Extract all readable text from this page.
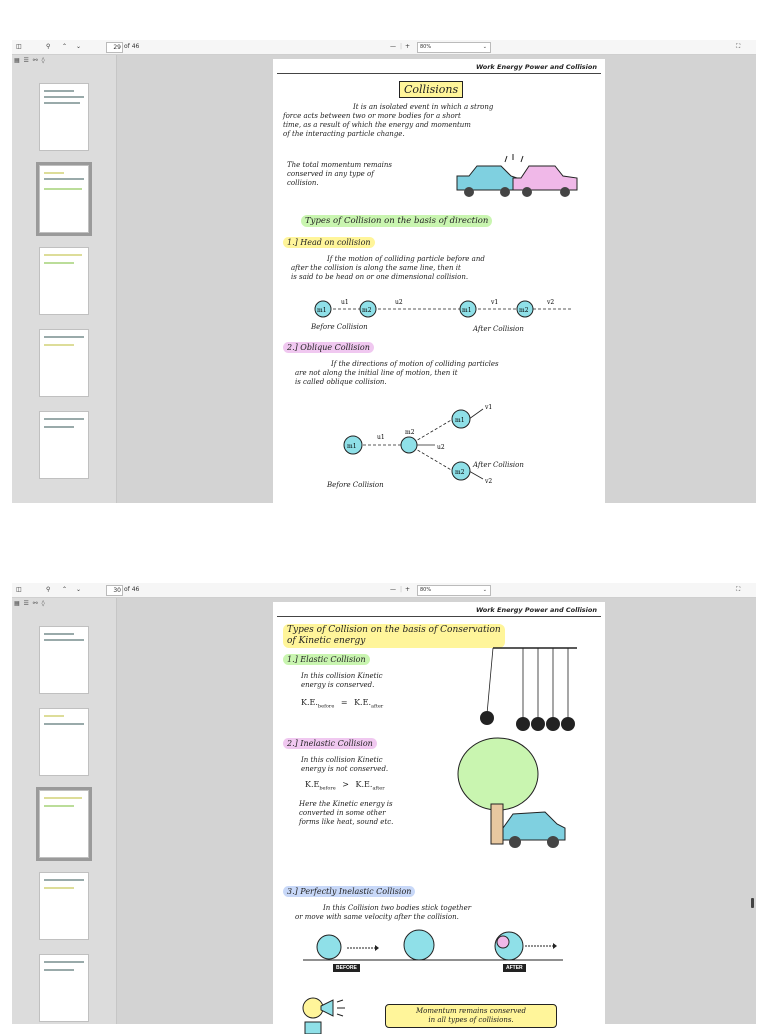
◫	⚲ ⌃ ⌄	29 of 46	— | +	80%	⌄	⛶
▦ ☰ ⚯ ◊
Work Energy Power and Collision
Collisions
It is an isolated event in which a strong
force acts between two or more bodies for a short
time, as a result of which the energy and momentum
of the interacting particle change.
The total momentum remains
conserved in any type of
collision.
Types of Collision on the basis of direction
1.] Head on collision
If the motion of colliding particle before and
after the collision is along the same line, then it
is said to be head on or one dimensional collision.
m1	m2	m1	m2
u1	u2	v1	v2
Before Collision	After Collision
2.] Oblique Collision
If the directions of motion of colliding particles
are not along the initial line of motion, then it
is called oblique collision.
m1
m2
m1
m2
u1
u2
v1
v2
Before Collision
After Collision
◫	⚲ ⌃ ⌄	30 of 46	— | +	80%	⌄	⛶
▦ ☰ ⚯ ◊
Work Energy Power and Collision
Types of Collision on the basis of Conservation
of Kinetic energy
1.] Elastic Collision
In this collision Kinetic
energy is conserved.
$K.E._{before} = K.E._{after}$
2.] Inelastic Collision
In this collision Kinetic
energy is not conserved.
$K.E_{before} > K.E._{after}$
Here the Kinetic energy is
converted in some other
forms like heat, sound etc.
3.] Perfectly Inelastic Collision
In this Collision two bodies stick together
or move with same velocity after the collision.
BEFORE	AFTER
Momentum remains conserved
in all types of collisions.
